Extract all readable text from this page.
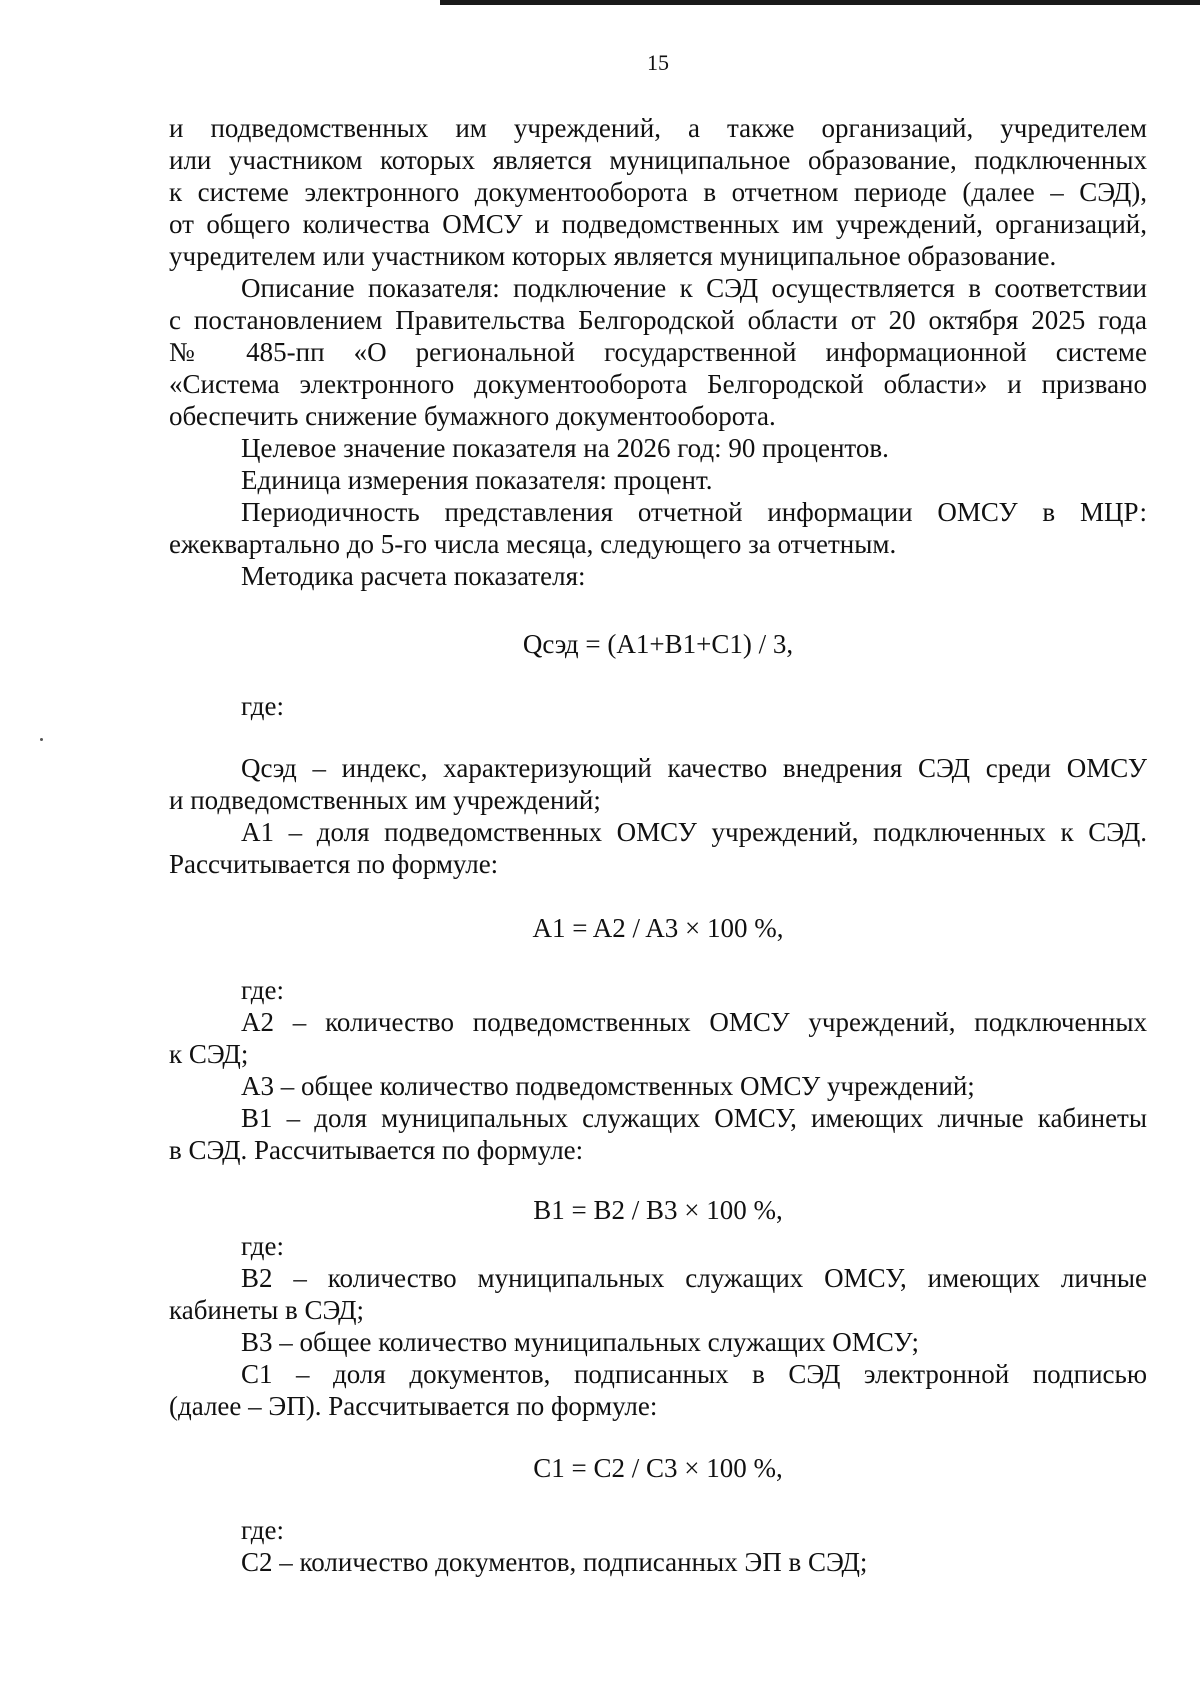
15
и подведомственных им учреждений, а также организаций, учредителем
или участником которых является муниципальное образование, подключенных
к системе электронного документооборота в отчетном периоде (далее – СЭД),
от общего количества ОМСУ и подведомственных им учреждений, организаций,
учредителем или участником которых является муниципальное образование.
Описание показателя: подключение к СЭД осуществляется в соответствии
с постановлением Правительства Белгородской области от 20 октября 2025 года
№ 485-пп «О региональной государственной информационной системе
«Система электронного документооборота Белгородской области» и призвано
обеспечить снижение бумажного документооборота.
Целевое значение показателя на 2026 год: 90 процентов.
Единица измерения показателя: процент.
Периодичность представления отчетной информации ОМСУ в МЦР:
ежеквартально до 5-го числа месяца, следующего за отчетным.
Методика расчета показателя:
Qсэд = (A1+B1+C1) / 3,
где:
Qсэд – индекс, характеризующий качество внедрения СЭД среди ОМСУ
и подведомственных им учреждений;
A1 – доля подведомственных ОМСУ учреждений, подключенных к СЭД.
Рассчитывается по формуле:
A1 = A2 / A3 × 100 %,
где:
A2 – количество подведомственных ОМСУ учреждений, подключенных
к СЭД;
A3 – общее количество подведомственных ОМСУ учреждений;
B1 – доля муниципальных служащих ОМСУ, имеющих личные кабинеты
в СЭД. Рассчитывается по формуле:
B1 = B2 / B3 × 100 %,
где:
B2 – количество муниципальных служащих ОМСУ, имеющих личные
кабинеты в СЭД;
B3 – общее количество муниципальных служащих ОМСУ;
C1 – доля документов, подписанных в СЭД электронной подписью
(далее – ЭП). Рассчитывается по формуле:
C1 = C2 / C3 × 100 %,
где:
C2 – количество документов, подписанных ЭП в СЭД;
